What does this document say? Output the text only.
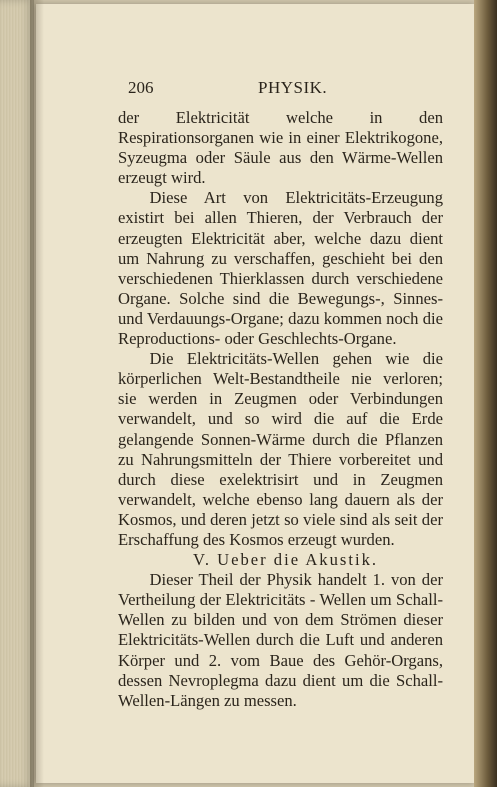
206	PHYSIK.

der Elektricität welche in den Respirationsorganen wie in einer Elektrikogone, Syzeugma oder Säule aus den Wärme-Wellen erzeugt wird.

Diese Art von Elektricitäts-Erzeugung existirt bei allen Thieren, der Verbrauch der erzeugten Elektricität aber, welche dazu dient um Nahrung zu verschaffen, geschieht bei den verschiedenen Thierklassen durch verschiedene Organe. Solche sind die Bewegungs-, Sinnes- und Verdauungs-Organe; dazu kommen noch die Reproductions- oder Geschlechts-Organe.

Die Elektricitäts-Wellen gehen wie die körperlichen Welt-Bestandtheile nie verloren; sie werden in Zeugmen oder Verbindungen verwandelt, und so wird die auf die Erde gelangende Sonnen-Wärme durch die Pflanzen zu Nahrungsmitteln der Thiere vorbereitet und durch diese exelektrisirt und in Zeugmen verwandelt, welche ebenso lang dauern als der Kosmos, und deren jetzt so viele sind als seit der Erschaffung des Kosmos erzeugt wurden.

V. Ueber die Akustik.

Dieser Theil der Physik handelt 1. von der Vertheilung der Elektricitäts - Wellen um Schall-Wellen zu bilden und von dem Strömen dieser Elektricitäts-Wellen durch die Luft und anderen Körper und 2. vom Baue des Gehör-Organs, dessen Nevroplegma dazu dient um die Schall-Wellen-Längen zu messen.
